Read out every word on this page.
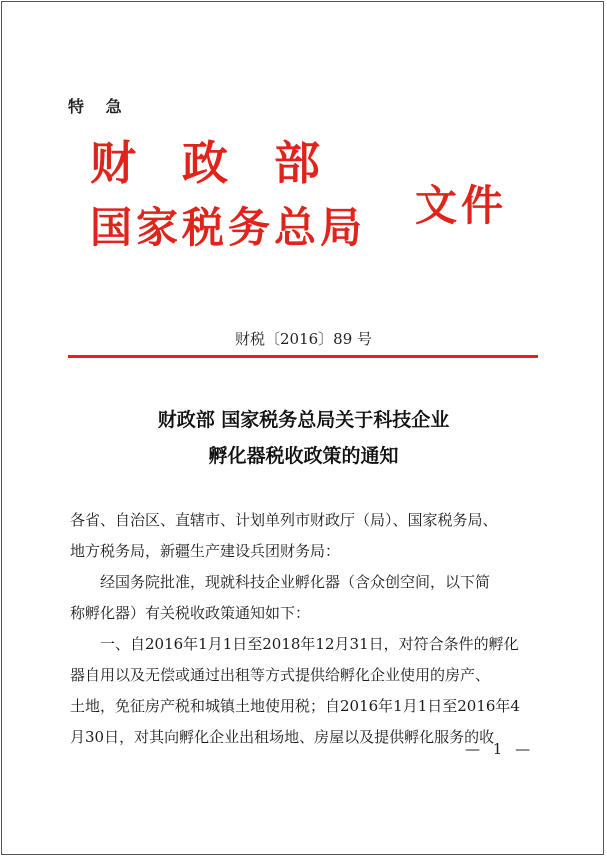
特 急
财政部
国家税务总局 文件
财税〔2016〕89 号
财政部 国家税务总局关于科技企业
孵化器税收政策的通知
各省、自治区、直辖市、计划单列市财政厅（局）、国家税务局、
地方税务局，新疆生产建设兵团财务局：
　　经国务院批准，现就科技企业孵化器（含众创空间，以下简
称孵化器）有关税收政策通知如下：
　　一、自2016年1月1日至2018年12月31日，对符合条件的孵化
器自用以及无偿或通过出租等方式提供给孵化企业使用的房产、
土地，免征房产税和城镇土地使用税；自2016年1月1日至2016年4
月30日，对其向孵化企业出租场地、房屋以及提供孵化服务的收
— 1 —
